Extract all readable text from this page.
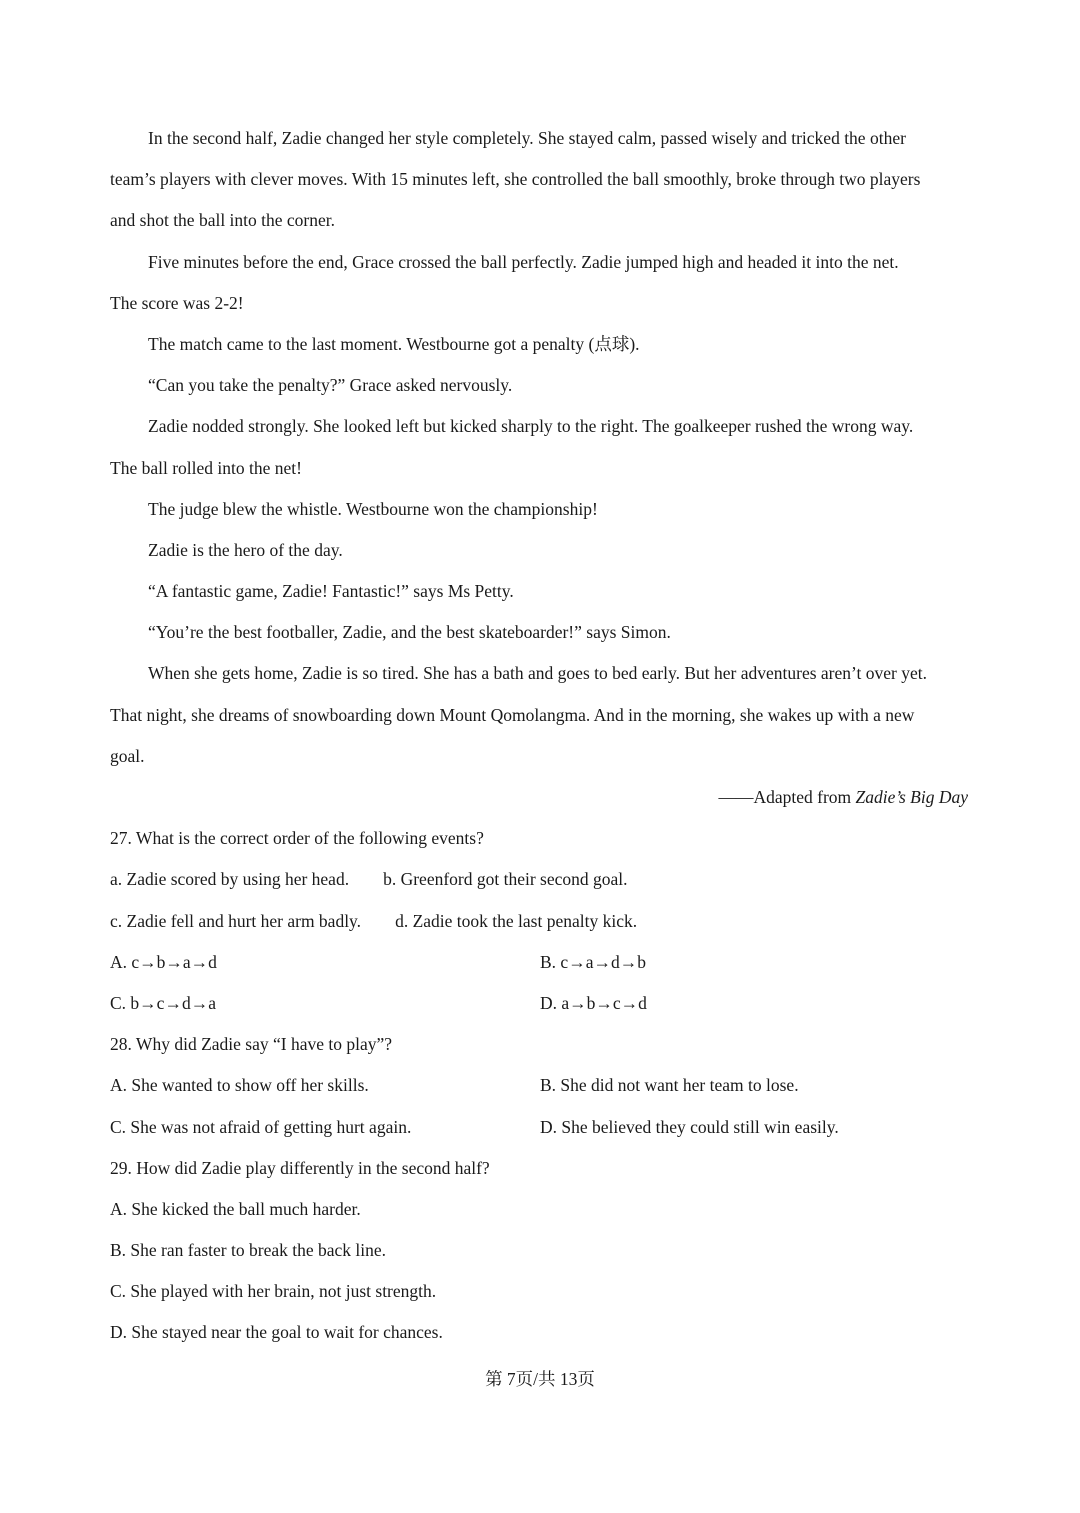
In the second half, Zadie changed her style completely. She stayed calm, passed wisely and tricked the other
team’s players with clever moves. With 15 minutes left, she controlled the ball smoothly, broke through two players
and shot the ball into the corner.
Five minutes before the end, Grace crossed the ball perfectly. Zadie jumped high and headed it into the net.
The score was 2-2!
The match came to the last moment. Westbourne got a penalty (点球).
“Can you take the penalty?” Grace asked nervously.
Zadie nodded strongly. She looked left but kicked sharply to the right. The goalkeeper rushed the wrong way.
The ball rolled into the net!
The judge blew the whistle. Westbourne won the championship!
Zadie is the hero of the day.
“A fantastic game, Zadie! Fantastic!” says Ms Petty.
“You’re the best footballer, Zadie, and the best skateboarder!” says Simon.
When she gets home, Zadie is so tired. She has a bath and goes to bed early. But her adventures aren’t over yet.
That night, she dreams of snowboarding down Mount Qomolangma. And in the morning, she wakes up with a new
goal.
——Adapted from Zadie’s Big Day
27. What is the correct order of the following events?
a. Zadie scored by using her head. b. Greenford got their second goal.
c. Zadie fell and hurt her arm badly. d. Zadie took the last penalty kick.
A. c→b→a→d	B. c→a→d→b
C. b→c→d→a	D. a→b→c→d
28. Why did Zadie say “I have to play”?
A. She wanted to show off her skills.	B. She did not want her team to lose.
C. She was not afraid of getting hurt again.	D. She believed they could still win easily.
29. How did Zadie play differently in the second half?
A. She kicked the ball much harder.
B. She ran faster to break the back line.
C. She played with her brain, not just strength.
D. She stayed near the goal to wait for chances.
第 7页/共 13页
